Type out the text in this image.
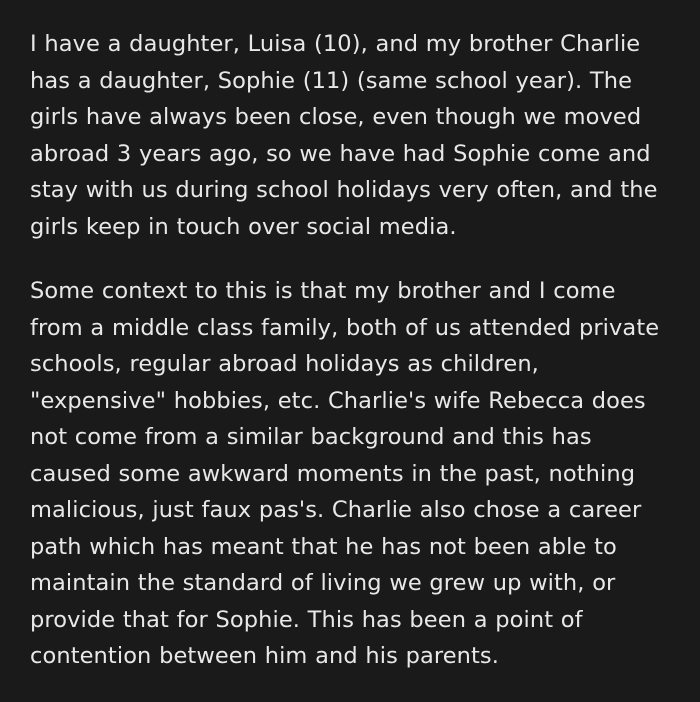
I have a daughter, Luisa (10), and my brother Charlie has a daughter, Sophie (11) (same school year). The girls have always been close, even though we moved abroad 3 years ago, so we have had Sophie come and stay with us during school holidays very often, and the girls keep in touch over social media.

Some context to this is that my brother and I come from a middle class family, both of us attended private schools, regular abroad holidays as children, "expensive" hobbies, etc. Charlie's wife Rebecca does not come from a similar background and this has caused some awkward moments in the past, nothing malicious, just faux pas's. Charlie also chose a career path which has meant that he has not been able to maintain the standard of living we grew up with, or provide that for Sophie. This has been a point of contention between him and his parents.
